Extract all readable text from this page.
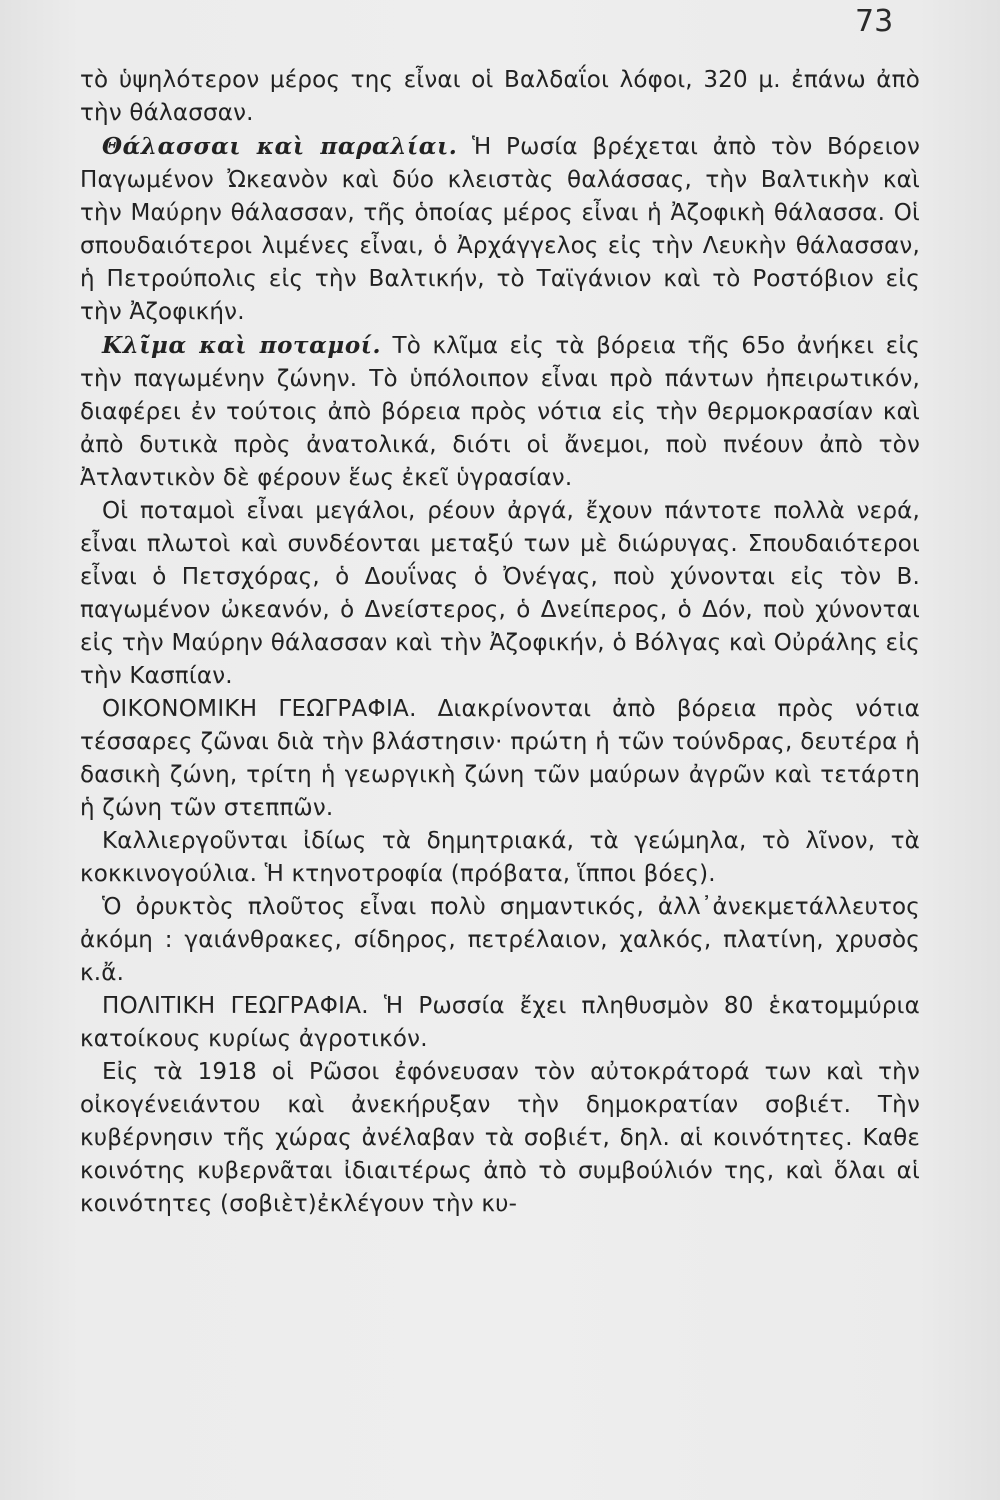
73

τὸ ὑψηλότερον μέρος της εἶναι οἱ Βαλδαΐοι λόφοι, 320 μ. ἐπάνω ἀπὸ τὴν θάλασσαν.

Θάλασσαι καὶ παραλίαι. Ἡ Ρωσία βρέχεται ἀπὸ τὸν Βόρειον Παγωμένον Ὠκεανὸν καὶ δύο κλειστὰς θαλάσσας, τὴν Βαλτικὴν καὶ τὴν Μαύρην θάλασσαν, τῆς ὁποίας μέρος εἶναι ἡ Ἀζοφικὴ θάλασσα. Οἱ σπουδαιότεροι λιμένες εἶναι, ὁ Ἀρχάγγελος εἰς τὴν Λευκὴν θάλασσαν, ἡ Πετρούπολις εἰς τὴν Βαλτικήν, τὸ Ταϊγάνιον καὶ τὸ Ροστόβιον εἰς τὴν Ἀζοφικήν.

Κλῖμα καὶ ποταμοί. Τὸ κλῖμα εἰς τὰ βόρεια τῆς 65ο ἀνήκει εἰς τὴν παγωμένην ζώνην. Τὸ ὑπόλοιπον εἶναι πρὸ πάντων ἠπειρωτικόν, διαφέρει ἐν τούτοις ἀπὸ βόρεια πρὸς νότια εἰς τὴν θερμοκρασίαν καὶ ἀπὸ δυτικὰ πρὸς ἀνατολικά, διότι οἱ ἄνεμοι, ποὺ πνέουν ἀπὸ τὸν Ἀτλαντικὸν δὲ φέρουν ἕως ἐκεῖ ὑγρασίαν.

Οἱ ποταμοὶ εἶναι μεγάλοι, ρέουν ἀργά, ἔχουν πάντοτε πολλὰ νερά, εἶναι πλωτοὶ καὶ συνδέονται μεταξύ των μὲ διώρυγας. Σπουδαιότεροι εἶναι ὁ Πετσχόρας, ὁ Δουΐνας ὁ Ὀνέγας, ποὺ χύνονται εἰς τὸν Β. παγωμένον ὠκεανόν, ὁ Δνείστερος, ὁ Δνείπερος, ὁ Δόν, ποὺ χύνονται εἰς τὴν Μαύρην θάλασσαν καὶ τὴν Ἀζοφικήν, ὁ Βόλγας καὶ Οὐράλης εἰς τὴν Κασπίαν.

ΟΙΚΟΝΟΜΙΚΗ ΓΕΩΓΡΑΦΙΑ. Διακρίνονται ἀπὸ βόρεια πρὸς νότια τέσσαρες ζῶναι διὰ τὴν βλάστησιν· πρώτη ἡ τῶν τούνδρας, δευτέρα ἡ δασικὴ ζώνη, τρίτη ἡ γεωργικὴ ζώνη τῶν μαύρων ἀγρῶν καὶ τετάρτη ἡ ζώνη τῶν στεππῶν.

Καλλιεργοῦνται ἰδίως τὰ δημητριακά, τὰ γεώμηλα, τὸ λῖνον, τὰ κοκκινογούλια. Ἡ κτηνοτροφία (πρόβατα, ἵπποι βόες).

Ὁ ὀρυκτὸς πλοῦτος εἶναι πολὺ σημαντικός, ἀλλ᾽ἀνεκμετάλλευτος ἀκόμη : γαιάνθρακες, σίδηρος, πετρέλαιον, χαλκός, πλατίνη, χρυσὸς κ.ἄ.

ΠΟΛΙΤΙΚΗ ΓΕΩΓΡΑΦΙΑ. Ἡ Ρωσσία ἔχει πληθυσμὸν 80 ἑκατομμύρια κατοίκους κυρίως ἀγροτικόν.

Εἰς τὰ 1918 οἱ Ρῶσοι ἐφόνευσαν τὸν αὐτοκράτορά των καὶ τὴν οἰκογένειάντου καὶ ἀνεκήρυξαν τὴν δημοκρατίαν σοβιέτ. Τὴν κυβέρνησιν τῆς χώρας ἀνέλαβαν τὰ σοβιέτ, δηλ. αἱ κοινότητες. Καθε κοινότης κυβερνᾶται ἰδιαιτέρως ἀπὸ τὸ συμβούλιόν της, καὶ ὅλαι αἱ κοινότητες (σοβιὲτ)ἐκλέγουν τὴν κυ-
